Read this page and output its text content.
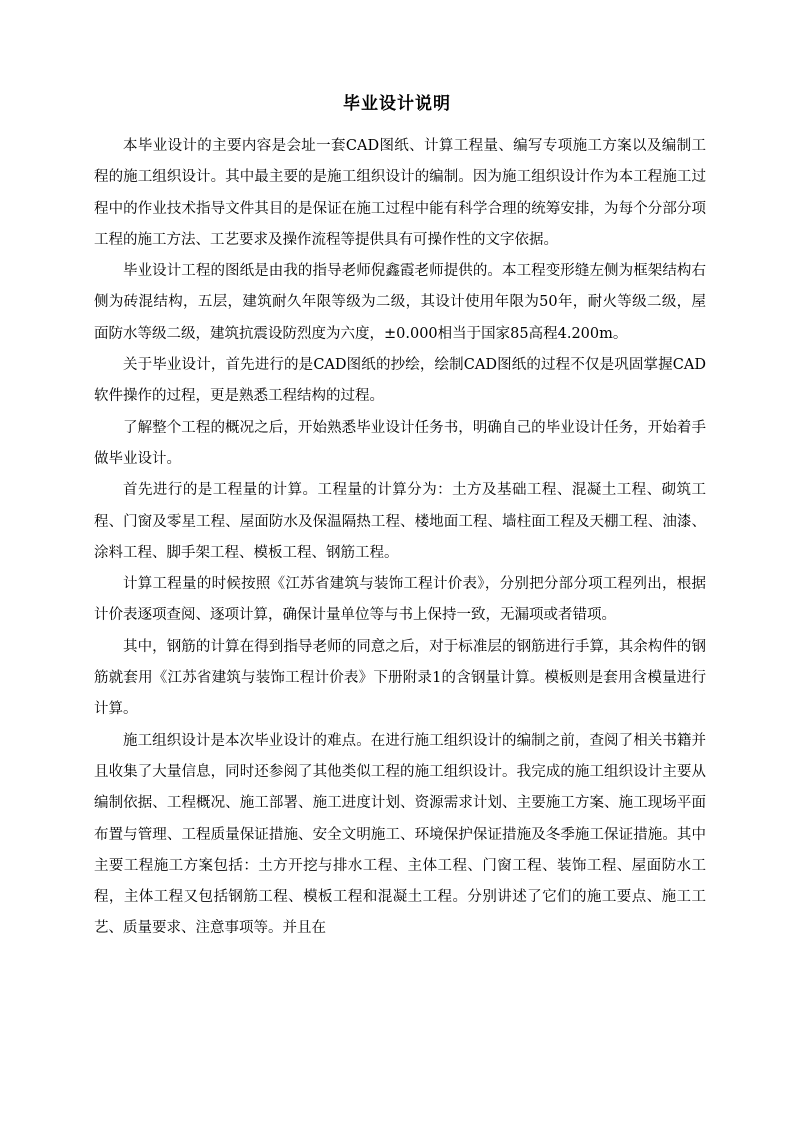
毕业设计说明

本毕业设计的主要内容是会址一套CAD图纸、计算工程量、编写专项施工方案以及编制工程的施工组织设计。其中最主要的是施工组织设计的编制。因为施工组织设计作为本工程施工过程中的作业技术指导文件其目的是保证在施工过程中能有科学合理的统筹安排，为每个分部分项工程的施工方法、工艺要求及操作流程等提供具有可操作性的文字依据。

毕业设计工程的图纸是由我的指导老师倪鑫霞老师提供的。本工程变形缝左侧为框架结构右侧为砖混结构，五层，建筑耐久年限等级为二级，其设计使用年限为50年，耐火等级二级，屋面防水等级二级，建筑抗震设防烈度为六度，±0.000相当于国家85高程4.200m。

关于毕业设计，首先进行的是CAD图纸的抄绘，绘制CAD图纸的过程不仅是巩固掌握CAD软件操作的过程，更是熟悉工程结构的过程。

了解整个工程的概况之后，开始熟悉毕业设计任务书，明确自己的毕业设计任务，开始着手做毕业设计。

首先进行的是工程量的计算。工程量的计算分为：土方及基础工程、混凝土工程、砌筑工程、门窗及零星工程、屋面防水及保温隔热工程、楼地面工程、墙柱面工程及天棚工程、油漆、涂料工程、脚手架工程、模板工程、钢筋工程。

计算工程量的时候按照《江苏省建筑与装饰工程计价表》，分别把分部分项工程列出，根据计价表逐项查阅、逐项计算，确保计量单位等与书上保持一致，无漏项或者错项。

其中，钢筋的计算在得到指导老师的同意之后，对于标准层的钢筋进行手算，其余构件的钢筋就套用《江苏省建筑与装饰工程计价表》下册附录1的含钢量计算。模板则是套用含模量进行计算。

施工组织设计是本次毕业设计的难点。在进行施工组织设计的编制之前，查阅了相关书籍并且收集了大量信息，同时还参阅了其他类似工程的施工组织设计。我完成的施工组织设计主要从编制依据、工程概况、施工部署、施工进度计划、资源需求计划、主要施工方案、施工现场平面布置与管理、工程质量保证措施、安全文明施工、环境保护保证措施及冬季施工保证措施。其中主要工程施工方案包括：土方开挖与排水工程、主体工程、门窗工程、装饰工程、屋面防水工程，主体工程又包括钢筋工程、模板工程和混凝土工程。分别讲述了它们的施工要点、施工工艺、质量要求、注意事项等。并且在
